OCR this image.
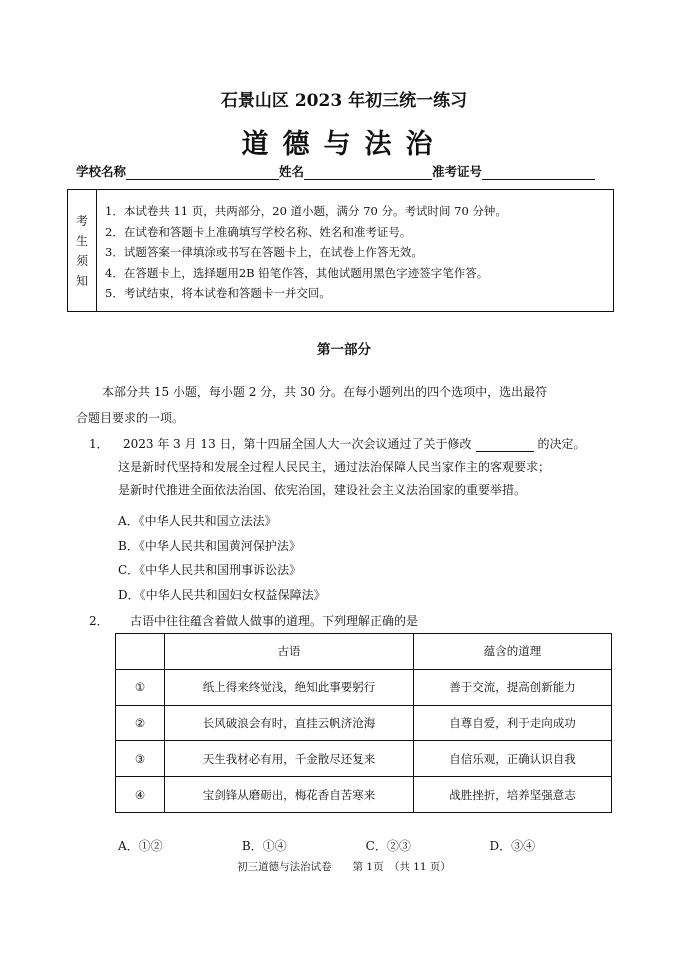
石景山区 2023 年初三统一练习
道德与法治
学校名称	姓名	准考证号
考
生
须
知
1．本试卷共 11 页，共两部分，20 道小题，满分 70 分。考试时间 70 分钟。
2．在试卷和答题卡上准确填写学校名称、姓名和准考证号。
3．试题答案一律填涂或书写在答题卡上，在试卷上作答无效。
4．在答题卡上，选择题用2B 铅笔作答，其他试题用黑色字迹签字笔作答。
5．考试结束，将本试卷和答题卡一并交回。
第一部分
本部分共 15 小题，每小题 2 分，共 30 分。在每小题列出的四个选项中，选出最符
合题目要求的一项。
1． 2023 年 3 月 13 日，第十四届全国人大一次会议通过了关于修改	的决定。
这是新时代坚持和发展全过程人民民主，通过法治保障人民当家作主的客观要求；
是新时代推进全面依法治国、依宪治国，建设社会主义法治国家的重要举措。
A．《中华人民共和国立法法》
B．《中华人民共和国黄河保护法》
C．《中华人民共和国刑事诉讼法》
D．《中华人民共和国妇女权益保障法》
2． 古语中往往蕴含着做人做事的道理。下列理解正确的是
	古语	蕴含的道理
①	纸上得来终觉浅，绝知此事要躬行	善于交流，提高创新能力
②	长风破浪会有时，直挂云帆济沧海	自尊自爱，利于走向成功
③	天生我材必有用，千金散尽还复来	自信乐观，正确认识自我
④	宝剑锋从磨砺出，梅花香自苦寒来	战胜挫折，培养坚强意志
A．①②	B．①④	C．②③	D．③④
初三道德与法治试卷　　第 1页　（共 11 页）
